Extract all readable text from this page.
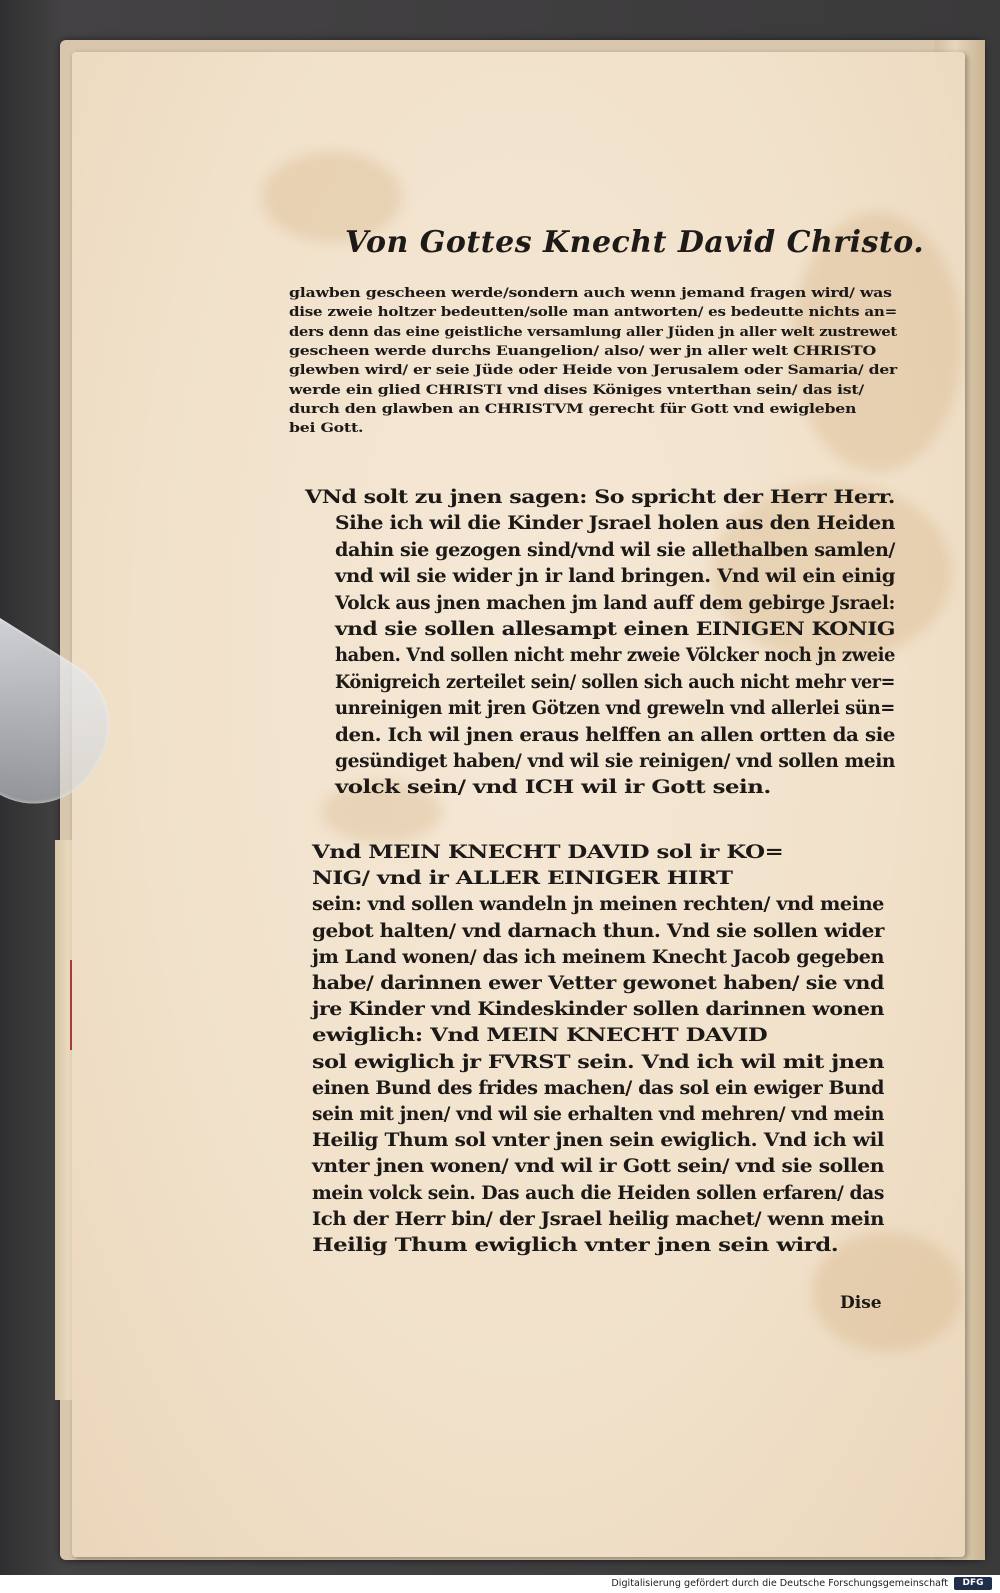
Von Gottes Knecht David Christo.
glawben gescheen werde/sondern auch wenn jemand fragen wird/ was
dise zweie holtzer bedeutten/solle man antworten/ es bedeutte nichts an=
ders denn das eine geistliche versamlung aller Jüden jn aller welt zustrewet
gescheen werde durchs Euangelion/ also/ wer jn aller welt CHRISTO
glewben wird/ er seie Jüde oder Heide von Jerusalem oder Samaria/ der
werde ein glied CHRISTI vnd dises Königes vnterthan sein/ das ist/
durch den glawben an CHRISTVM gerecht für Gott vnd ewigleben
bei Gott.
VNd solt zu jnen sagen: So spricht der Herr Herr.
Sihe ich wil die Kinder Jsrael holen aus den Heiden
dahin sie gezogen sind/vnd wil sie allethalben samlen/
vnd wil sie wider jn ir land bringen. Vnd wil ein einig
Volck aus jnen machen jm land auff dem gebirge Jsrael:
vnd sie sollen allesampt einen EINIGEN KONIG
haben. Vnd sollen nicht mehr zweie Völcker noch jn zweie
Königreich zerteilet sein/ sollen sich auch nicht mehr ver=
unreinigen mit jren Götzen vnd greweln vnd allerlei sün=
den. Ich wil jnen eraus helffen an allen ortten da sie
gesündiget haben/ vnd wil sie reinigen/ vnd sollen mein
volck sein/ vnd ICH wil ir Gott sein.
Vnd MEIN KNECHT DAVID sol ir KO=
NIG/ vnd ir ALLER EINIGER HIRT
sein: vnd sollen wandeln jn meinen rechten/ vnd meine
gebot halten/ vnd darnach thun. Vnd sie sollen wider
jm Land wonen/ das ich meinem Knecht Jacob gegeben
habe/ darinnen ewer Vetter gewonet haben/ sie vnd
jre Kinder vnd Kindeskinder sollen darinnen wonen
ewiglich: Vnd MEIN KNECHT DAVID
sol ewiglich jr FVRST sein. Vnd ich wil mit jnen
einen Bund des frides machen/ das sol ein ewiger Bund
sein mit jnen/ vnd wil sie erhalten vnd mehren/ vnd mein
Heilig Thum sol vnter jnen sein ewiglich. Vnd ich wil
vnter jnen wonen/ vnd wil ir Gott sein/ vnd sie sollen
mein volck sein. Das auch die Heiden sollen erfaren/ das
Ich der Herr bin/ der Jsrael heilig machet/ wenn mein
Heilig Thum ewiglich vnter jnen sein wird.
Dise
Digitalisierung gefördert durch die Deutsche Forschungsgemeinschaft	DFG
